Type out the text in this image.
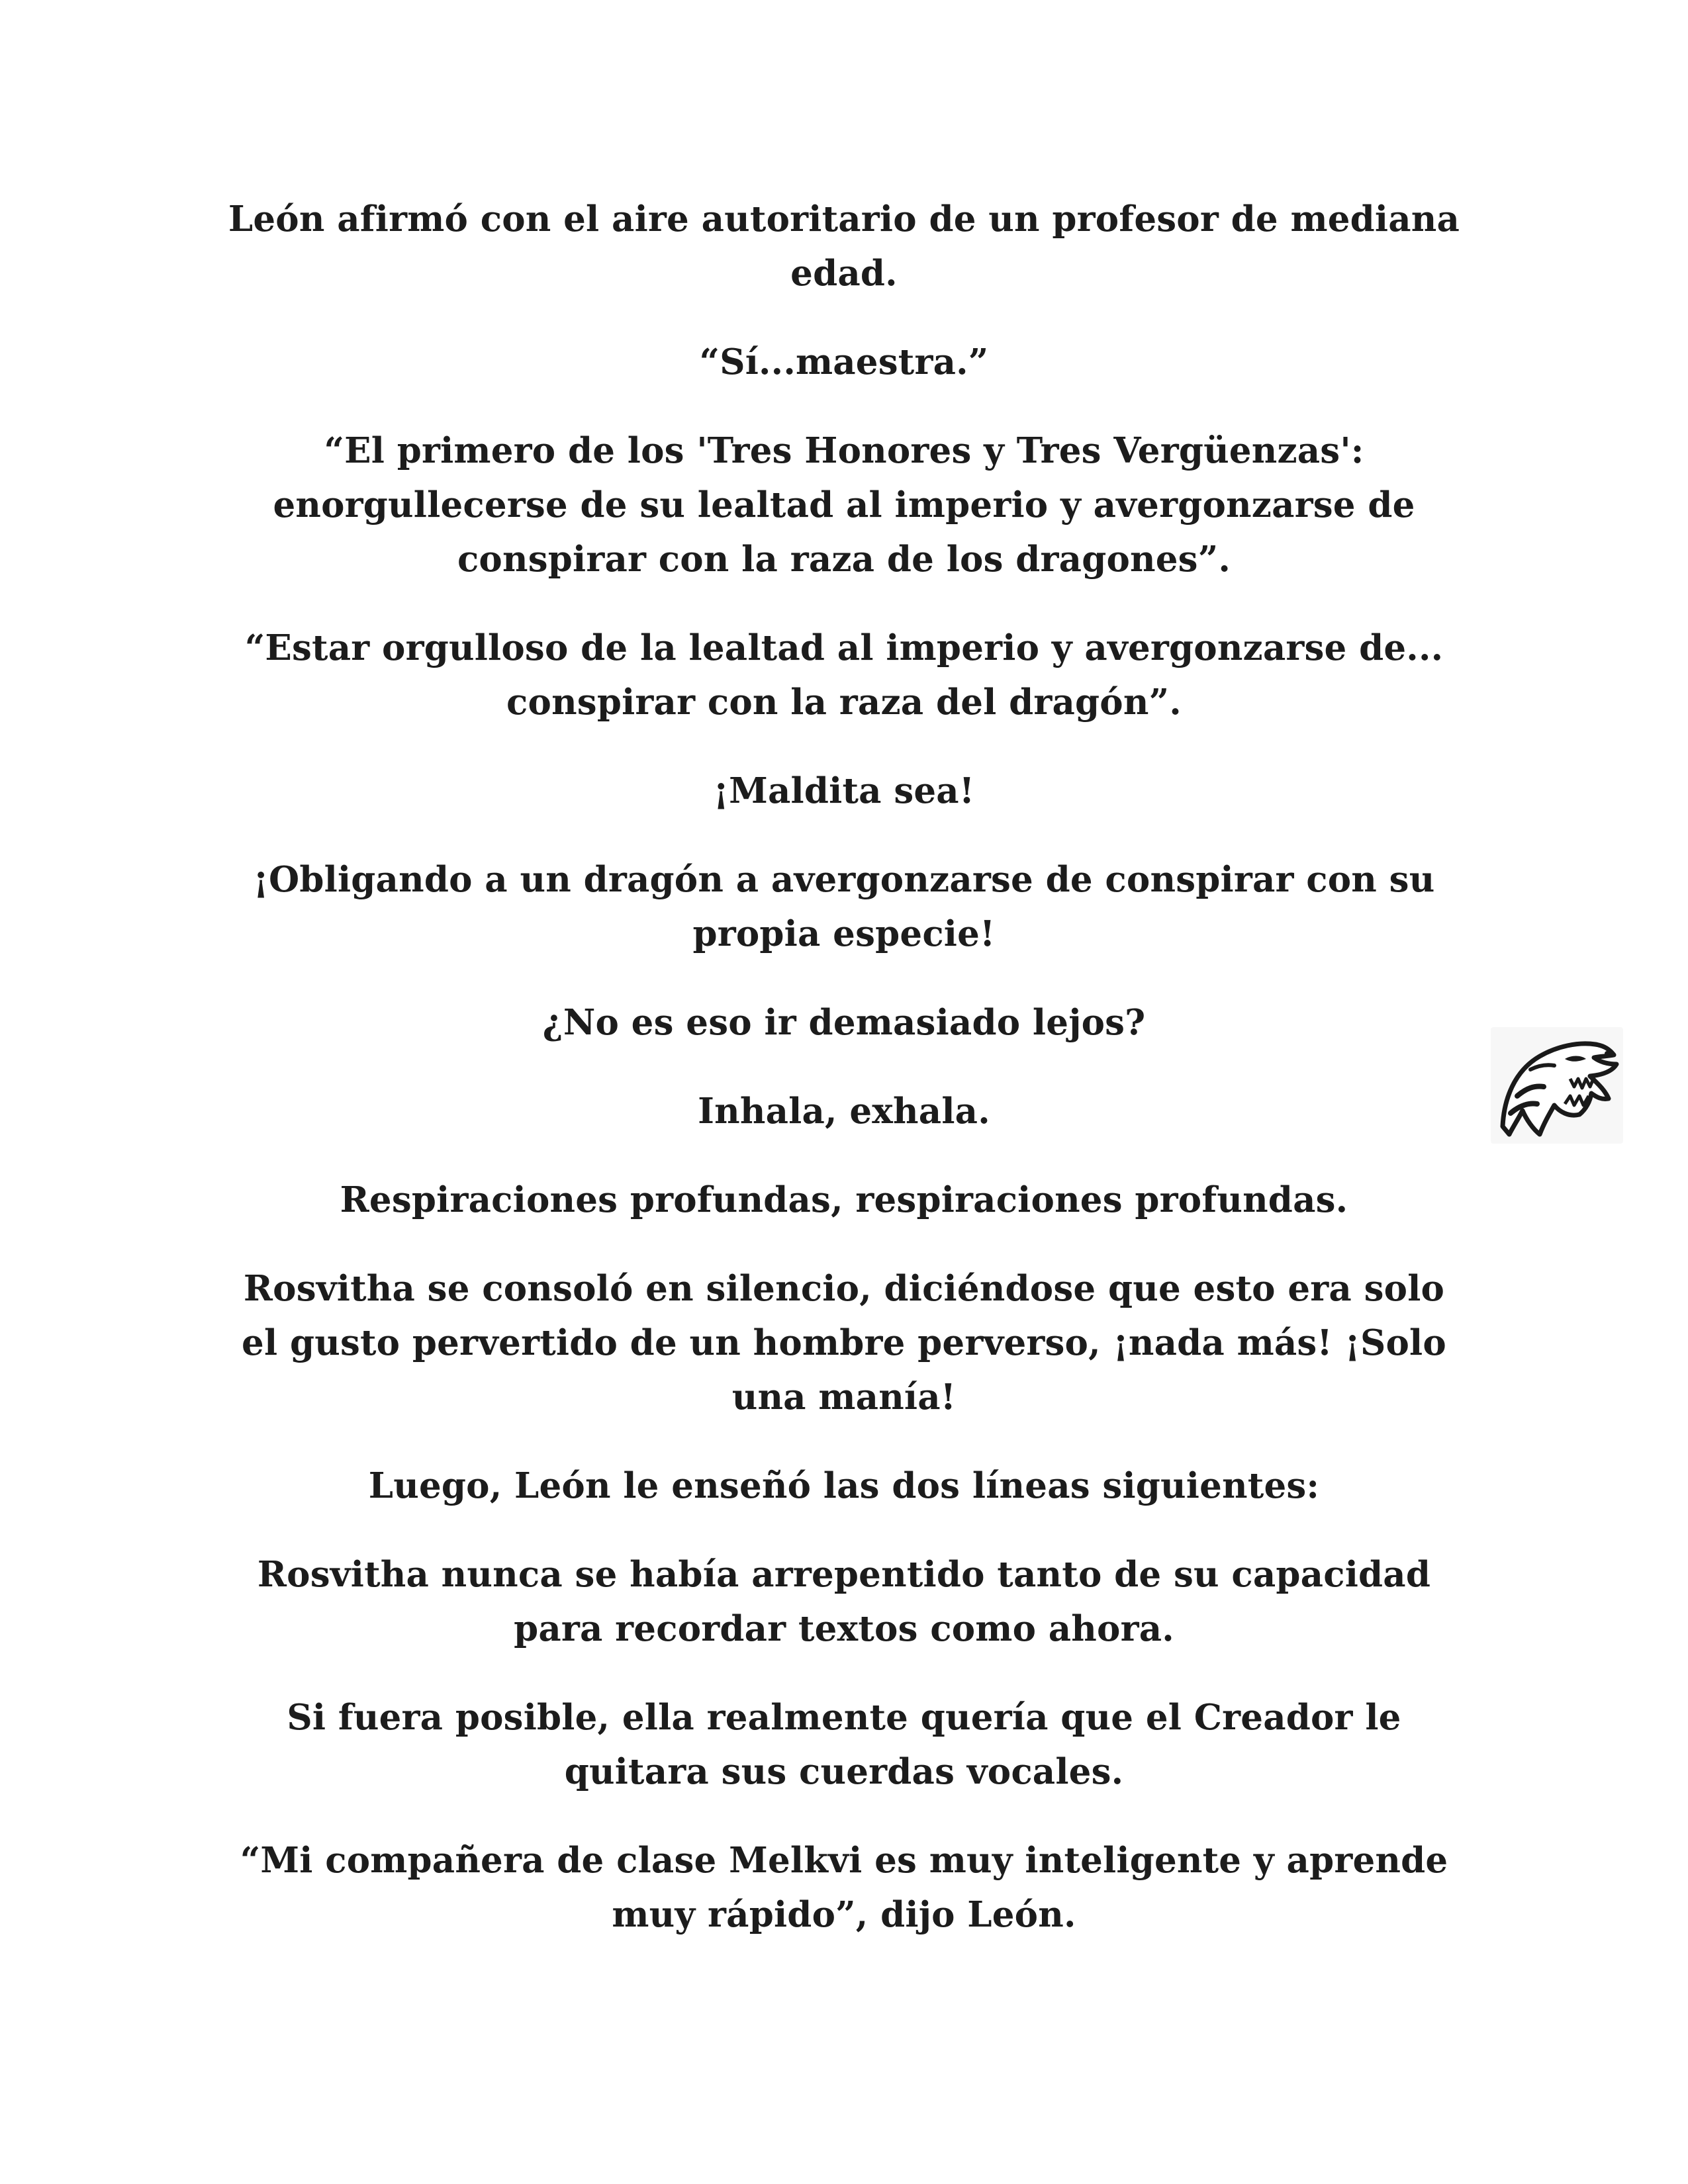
León afirmó con el aire autoritario de un profesor de mediana edad.

“Sí...maestra.”

“El primero de los 'Tres Honores y Tres Vergüenzas': enorgullecerse de su lealtad al imperio y avergonzarse de conspirar con la raza de los dragones”.

“Estar orgulloso de la lealtad al imperio y avergonzarse de... conspirar con la raza del dragón”.

¡Maldita sea!

¡Obligando a un dragón a avergonzarse de conspirar con su propia especie!

¿No es eso ir demasiado lejos?

Inhala, exhala.

Respiraciones profundas, respiraciones profundas.

Rosvitha se consoló en silencio, diciéndose que esto era solo el gusto pervertido de un hombre perverso, ¡nada más! ¡Solo una manía!

Luego, León le enseñó las dos líneas siguientes:

Rosvitha nunca se había arrepentido tanto de su capacidad para recordar textos como ahora.

Si fuera posible, ella realmente quería que el Creador le quitara sus cuerdas vocales.

“Mi compañera de clase Melkvi es muy inteligente y aprende muy rápido”, dijo León.
